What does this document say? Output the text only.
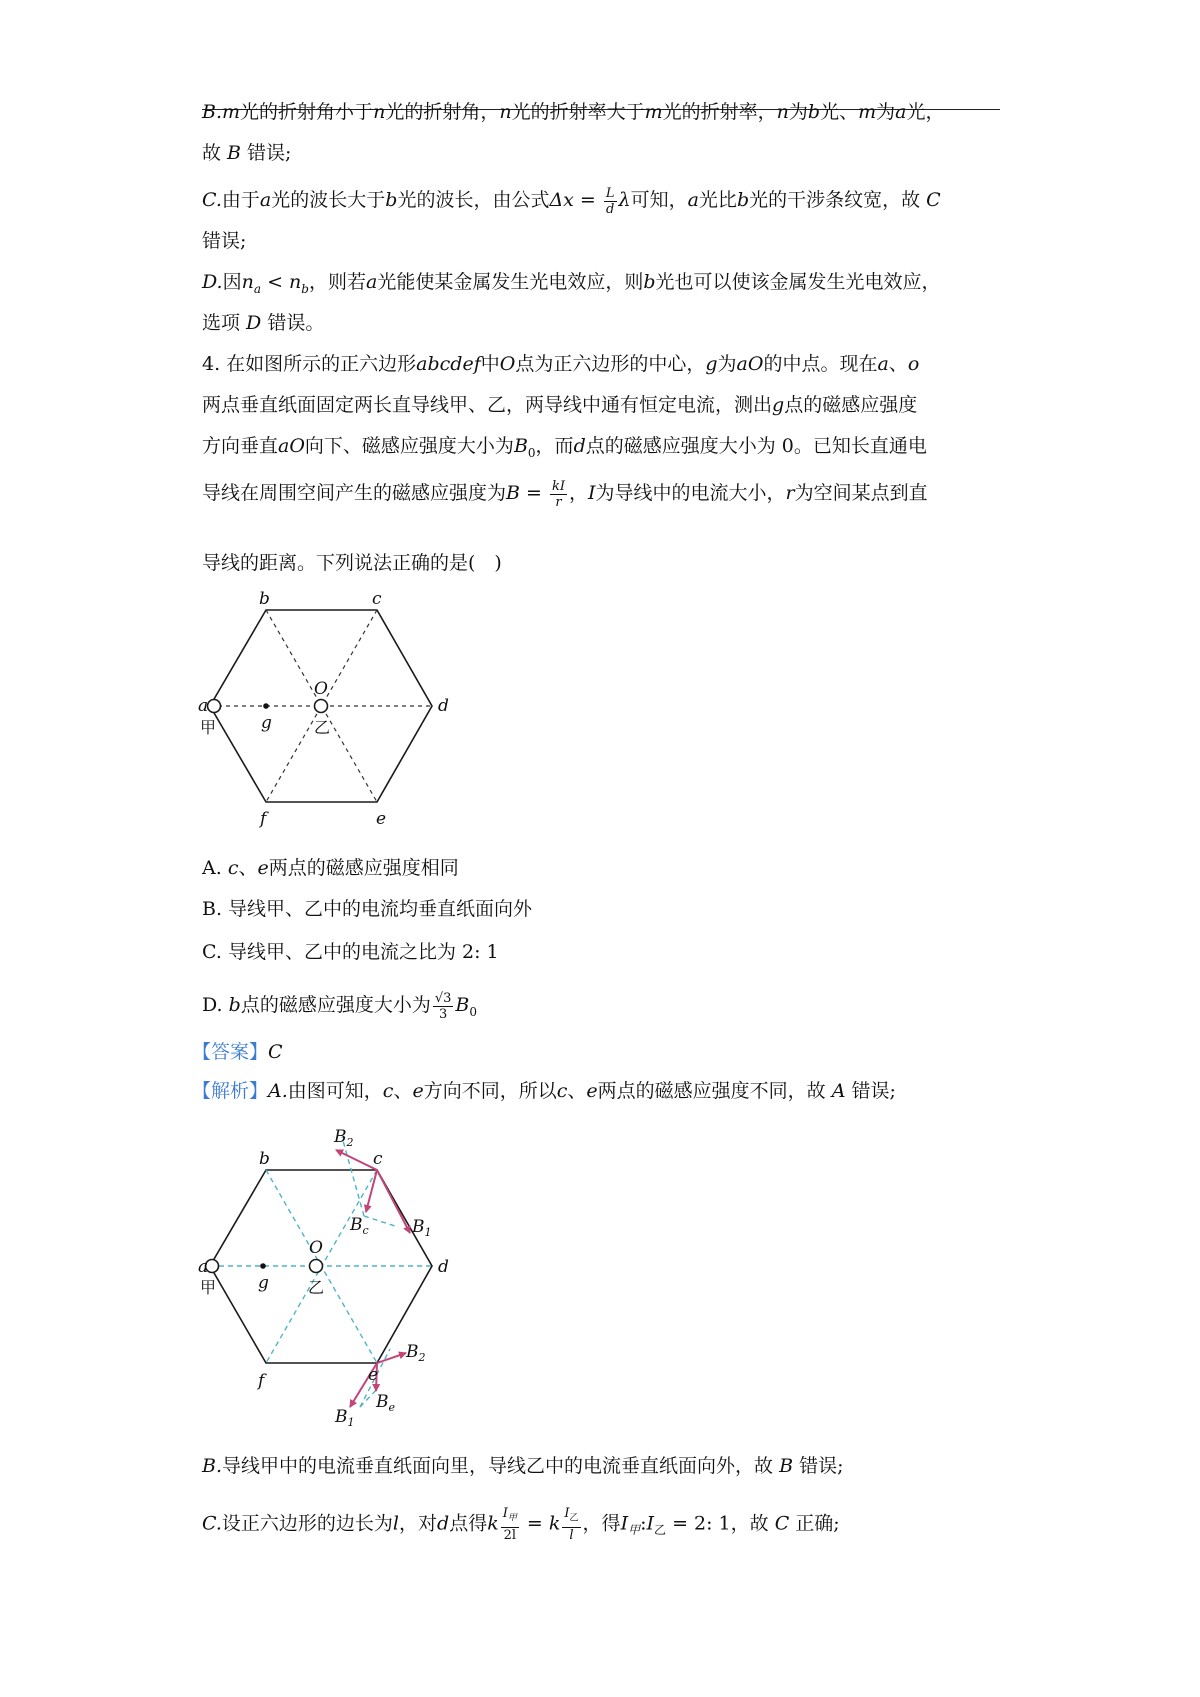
B.m光的折射角小于n光的折射角，n光的折射率大于m光的折射率，n为b光、m为a光，
故 B 错误;
C.由于a光的波长大于b光的波长，由公式$\Delta x = \frac{L}{d}$ λ可知，a光比b光的干涉条纹宽，故 C
错误;
D.因$n_a < n_b$，则若a光能使某金属发生光电效应，则b光也可以使该金属发生光电效应，
选项 D 错误。
4. 在如图所示的正六边形abcdef中O点为正六边形的中心，g为aO的中点。现在a、o
两点垂直纸面固定两长直导线甲、乙，两导线中通有恒定电流，测出g点的磁感应强度
方向垂直aO向下、磁感应强度大小为$B_0$，而d点的磁感应强度大小为 0。已知长直通电
导线在周围空间产生的磁感应强度为$B = \frac{kI}{r}$ ，I为导线中的电流大小，r为空间某点到直
导线的距离。下列说法正确的是(　)
b	c
d
e
f
g
O
a
甲	乙
A. c、e两点的磁感应强度相同
B. 导线甲、乙中的电流均垂直纸面向外
C. 导线甲、乙中的电流之比为 2: 1
D. b点的磁感应强度大小为 $\frac{√3}{3} B_0$
【答案】C
【解析】A.由图可知，c、e方向不同，所以c、e两点的磁感应强度不同，故 A 错误;
b	c
d
e
f
g
O
a
甲	乙
$B_2$
$B_1$
$B_c$
$B_2$
$B_1$
$B_e$
B.导线甲中的电流垂直纸面向里，导线乙中的电流垂直纸面向外，故 B 错误;
C.设正六边形的边长为l，对d点得k $\frac{I_甲}{2l} = k \frac{I_乙}{l}$ ，得$I_甲:I_乙 = 2$: 1，故 C 正确;
